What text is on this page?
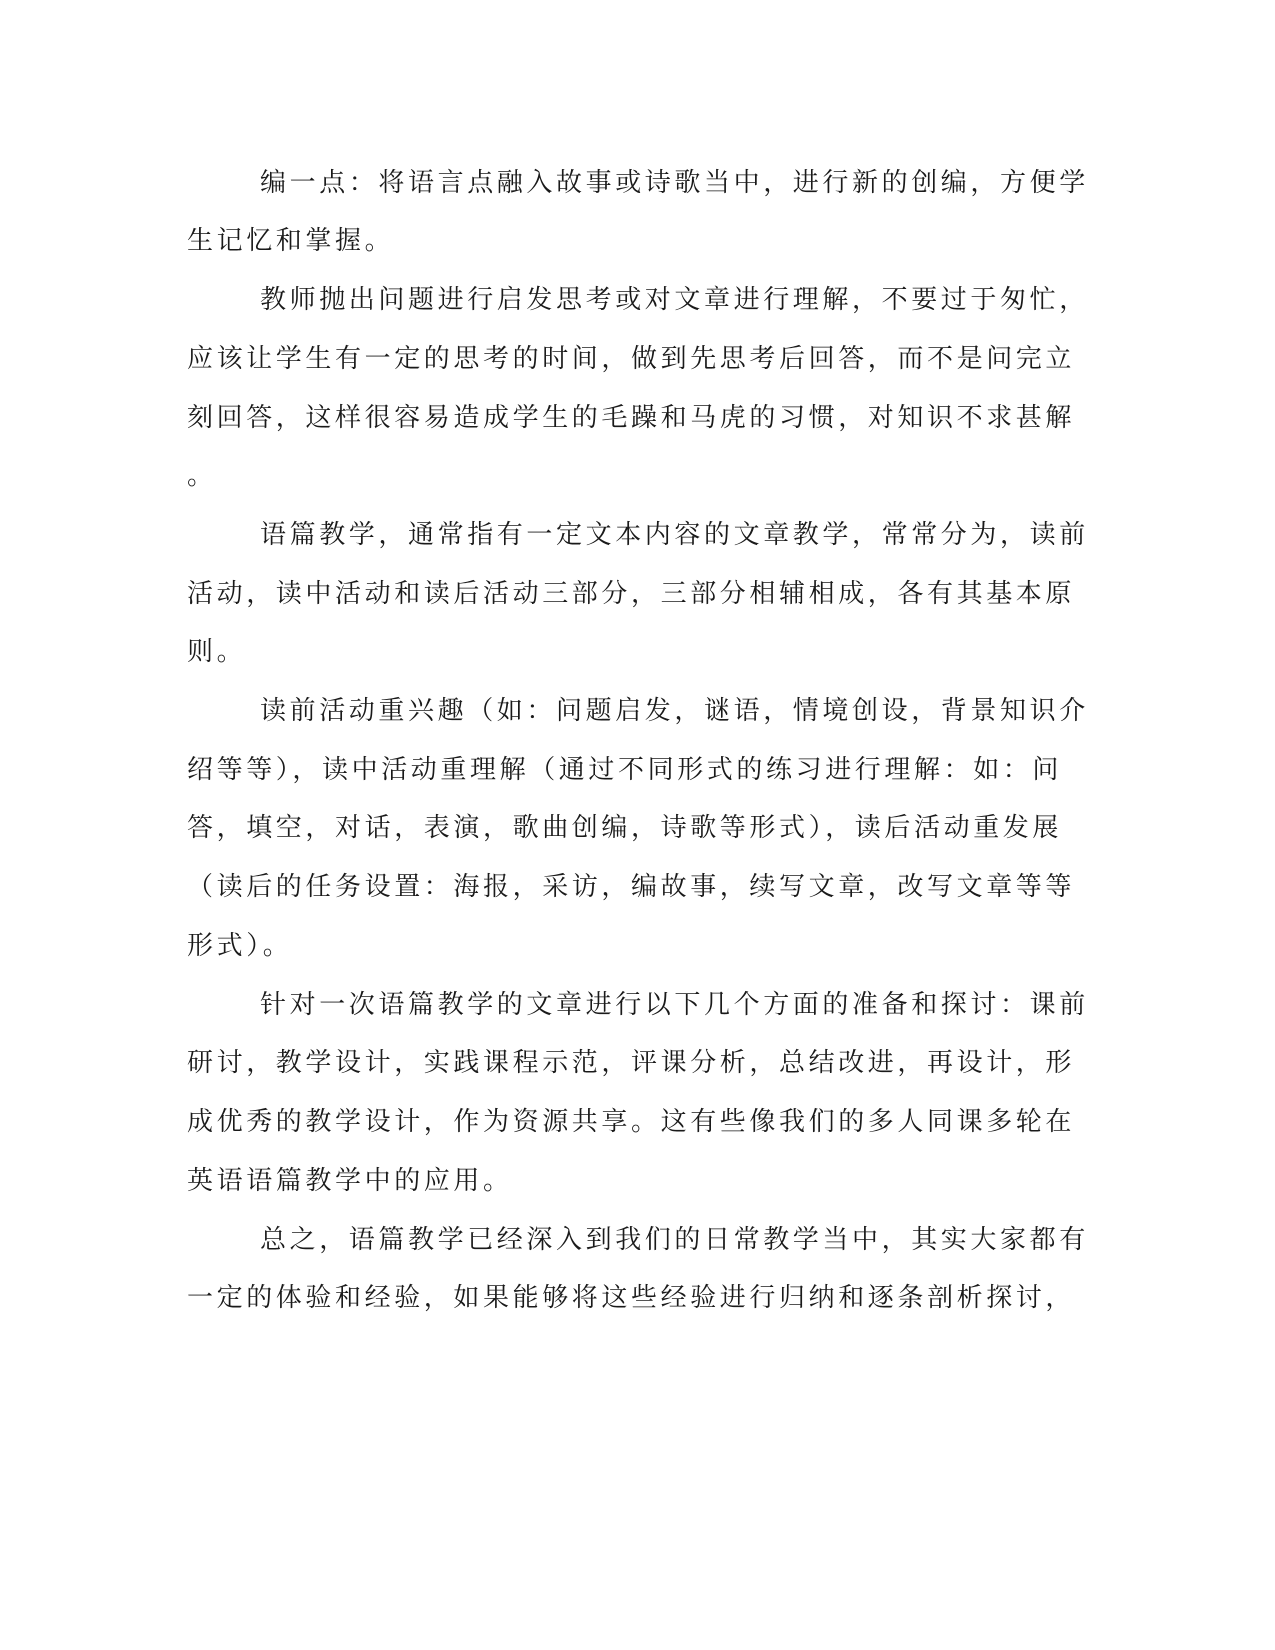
编一点：将语言点融入故事或诗歌当中，进行新的创编，方便学
生记忆和掌握。
教师抛出问题进行启发思考或对文章进行理解，不要过于匆忙，
应该让学生有一定的思考的时间，做到先思考后回答，而不是问完立
刻回答，这样很容易造成学生的毛躁和马虎的习惯，对知识不求甚解
。
语篇教学，通常指有一定文本内容的文章教学，常常分为，读前
活动，读中活动和读后活动三部分，三部分相辅相成，各有其基本原
则。
读前活动重兴趣（如：问题启发，谜语，情境创设，背景知识介
绍等等），读中活动重理解（通过不同形式的练习进行理解：如：问
答，填空，对话，表演，歌曲创编，诗歌等形式），读后活动重发展
（读后的任务设置：海报，采访，编故事，续写文章，改写文章等等
形式）。
针对一次语篇教学的文章进行以下几个方面的准备和探讨：课前
研讨，教学设计，实践课程示范，评课分析，总结改进，再设计，形
成优秀的教学设计，作为资源共享。这有些像我们的多人同课多轮在
英语语篇教学中的应用。
总之，语篇教学已经深入到我们的日常教学当中，其实大家都有
一定的体验和经验，如果能够将这些经验进行归纳和逐条剖析探讨，
